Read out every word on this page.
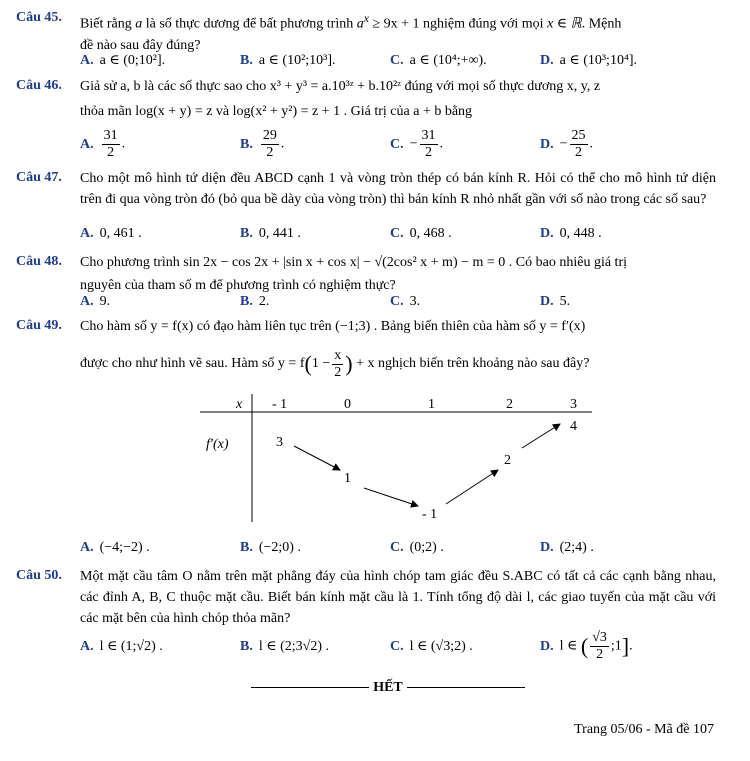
Câu 45. Biết rằng a là số thực dương để bất phương trình $a^x \ge 9x + 1$ nghiệm đúng với mọi x ∈ ℝ. Mệnh
đề nào sau đây đúng?
A. a ∈ (0;10²].	B. a ∈ (10²;10³].	C. a ∈ (10⁴;+∞).	D. a ∈ (10³;10⁴].
Câu 46. Giả sử a, b là các số thực sao cho x³ + y³ = a.10³ᶻ + b.10²ᶻ đúng với mọi số thực dương x, y, z
thỏa mãn log(x + y) = z và log(x² + y²) = z + 1 . Giá trị của a + b bằng
A. $\frac{31}{2}$ .	B. $\frac{29}{2}$ .	C. − $\frac{31}{2}$ .	D. − $\frac{25}{2}$ .
Câu 47. Cho một mô hình tứ diện đều ABCD cạnh 1 và vòng tròn thép có bán kính R. Hỏi có thể cho mô hình tứ diện trên đi qua vòng tròn đó (bỏ qua bề dày của vòng tròn) thì bán kính R nhỏ nhất gần với số nào trong các số sau?
A. 0, 461 .	B. 0, 441 .	C. 0, 468 .	D. 0, 448 .
Câu 48. Cho phương trình sin 2x − cos 2x + |sin x + cos x| − √(2cos² x + m) − m = 0 . Có bao nhiêu giá trị
nguyên của tham số m để phương trình có nghiệm thực?
A. 9.	B. 2.	C. 3.	D. 5.
Câu 49. Cho hàm số y = f(x) có đạo hàm liên tục trên (−1;3) . Bảng biến thiên của hàm số y = f′(x)
được cho như hình vẽ sau. Hàm số $y = f(1 - \frac{x}{2}$ ) + x nghịch biến trên khoảng nào sau đây?
x
f′(x)
- 1	0	1	2	3
3
1
- 1
2
4
A. (−4;−2) .	B. (−2;0) .	C. (0;2) .	D. (2;4) .
Câu 50. Một mặt cầu tâm O nằm trên mặt phẳng đáy của hình chóp tam giác đều S.ABC có tất cả các cạnh bằng nhau, các đỉnh A, B, C thuộc mặt cầu. Biết bán kính mặt cầu là 1. Tính tổng độ dài l, các giao tuyến của mặt cầu với các mặt bên của hình chóp thỏa mãn?
A. l ∈ (1;√2) .	B. l ∈ (2;3√2) .	C. l ∈ (√3;2) .	D. l ∈ ( $\frac{√3}{2}$ ;1].
HẾT
Trang 05/06 - Mã đề 107
